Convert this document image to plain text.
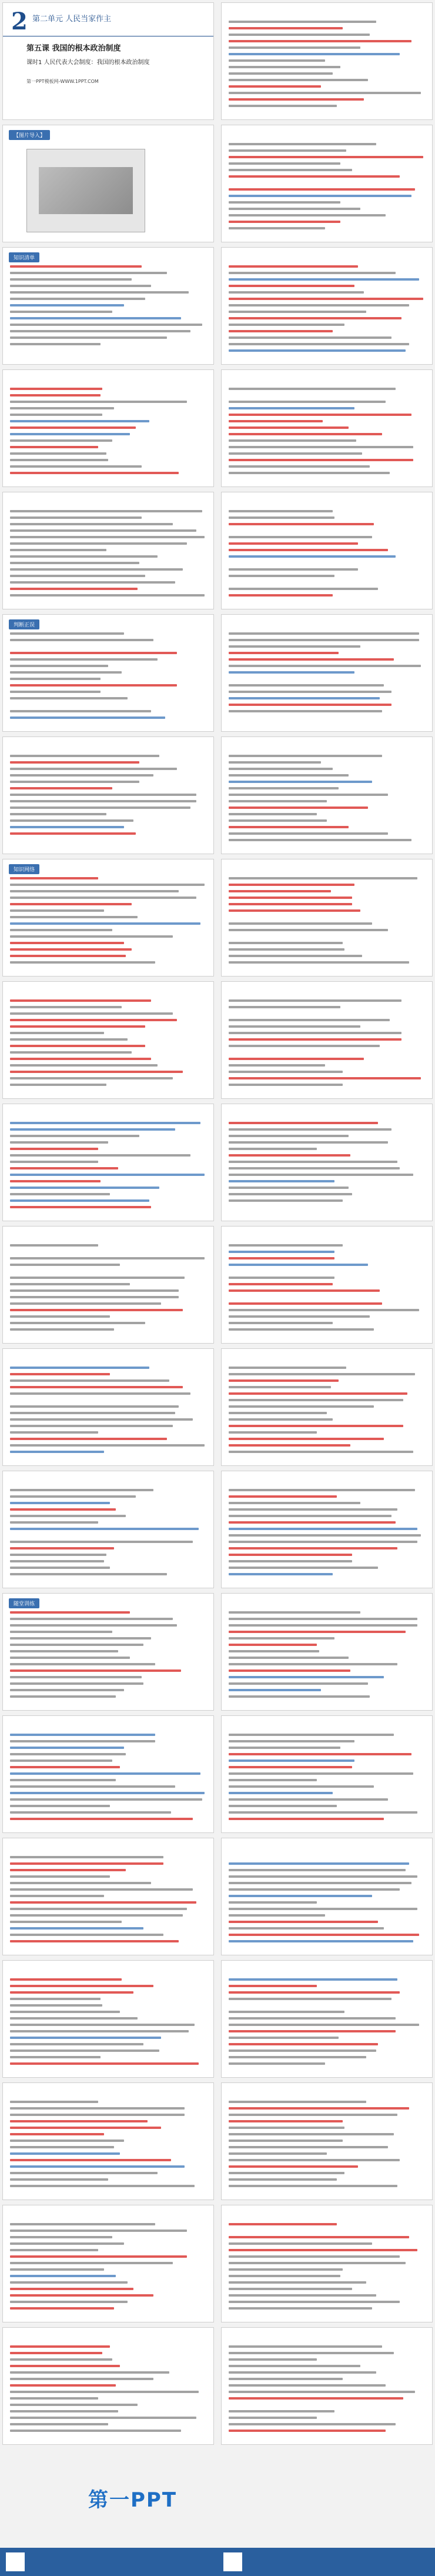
2 第二单元 人民当家作主
第五课 我国的根本政治制度
课时1 人民代表大会制度：我国的根本政治制度
第一PPT模板网-WWW.1PPT.COM
【图片导入】
知识清单
判断正误
知识网络
随堂训练
第一PPT
